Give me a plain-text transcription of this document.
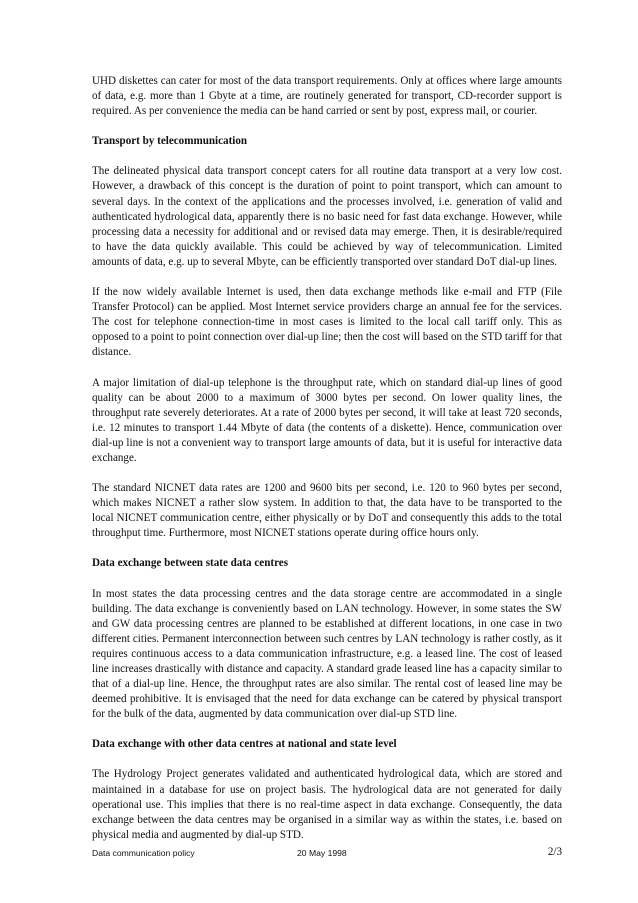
UHD diskettes can cater for most of the data transport requirements. Only at offices where large amounts of data, e.g. more than 1 Gbyte at a time, are routinely generated for transport, CD-recorder support is required. As per convenience the media can be hand carried or sent by post, express mail, or courier.

Transport by telecommunication

The delineated physical data transport concept caters for all routine data transport at a very low cost. However, a drawback of this concept is the duration of point to point transport, which can amount to several days. In the context of the applications and the processes involved, i.e. generation of valid and authenticated hydrological data, apparently there is no basic need for fast data exchange. However, while processing data a necessity for additional and or revised data may emerge. Then, it is desirable/required to have the data quickly available. This could be achieved by way of telecommunication. Limited amounts of data, e.g. up to several Mbyte, can be efficiently transported over standard DoT dial-up lines.

If the now widely available Internet is used, then data exchange methods like e-mail and FTP (File Transfer Protocol) can be applied. Most Internet service providers charge an annual fee for the services. The cost for telephone connection-time in most cases is limited to the local call tariff only. This as opposed to a point to point connection over dial-up line; then the cost will based on the STD tariff for that distance.

A major limitation of dial-up telephone is the throughput rate, which on standard dial-up lines of good quality can be about 2000 to a maximum of 3000 bytes per second. On lower quality lines, the throughput rate severely deteriorates. At a rate of 2000 bytes per second, it will take at least 720 seconds, i.e. 12 minutes to transport 1.44 Mbyte of data (the contents of a diskette). Hence, communication over dial-up line is not a convenient way to transport large amounts of data, but it is useful for interactive data exchange.

The standard NICNET data rates are 1200 and 9600 bits per second, i.e. 120 to 960 bytes per second, which makes NICNET a rather slow system. In addition to that, the data have to be transported to the local NICNET communication centre, either physically or by DoT and consequently this adds to the total throughput time. Furthermore, most NICNET stations operate during office hours only.

Data exchange between state data centres

In most states the data processing centres and the data storage centre are accommodated in a single building. The data exchange is conveniently based on LAN technology. However, in some states the SW and GW data processing centres are planned to be established at different locations, in one case in two different cities. Permanent interconnection between such centres by LAN technology is rather costly, as it requires continuous access to a data communication infrastructure, e.g. a leased line. The cost of leased line increases drastically with distance and capacity. A standard grade leased line has a capacity similar to that of a dial-up line. Hence, the throughput rates are also similar. The rental cost of leased line may be deemed prohibitive. It is envisaged that the need for data exchange can be catered by physical transport for the bulk of the data, augmented by data communication over dial-up STD line.

Data exchange with other data centres at national and state level

The Hydrology Project generates validated and authenticated hydrological data, which are stored and maintained in a database for use on project basis. The hydrological data are not generated for daily operational use. This implies that there is no real-time aspect in data exchange. Consequently, the data exchange between the data centres may be organised in a similar way as within the states, i.e. based on physical media and augmented by dial-up STD.

Data communication policy	20 May 1998	2/3
